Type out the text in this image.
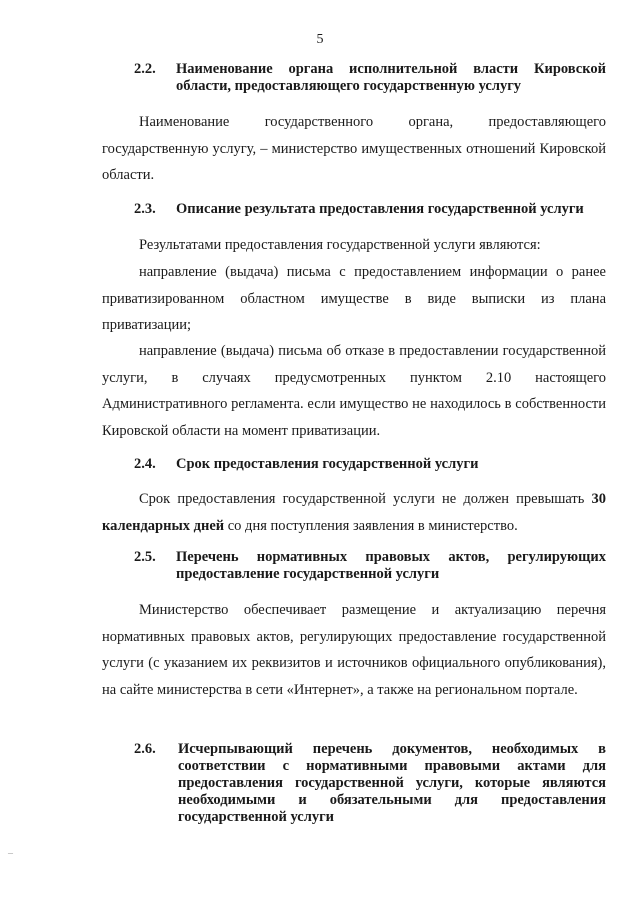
5
2.2. Наименование органа исполнительной власти Кировской области, предоставляющего государственную услугу
Наименование государственного органа, предоставляющего государственную услугу, – министерство имущественных отношений Кировской области.
2.3. Описание результата предоставления государственной услуги
Результатами предоставления государственной услуги являются:
направление (выдача) письма с предоставлением информации о ранее приватизированном областном имуществе в виде выписки из плана приватизации;
направление (выдача) письма об отказе в предоставлении государственной услуги, в случаях предусмотренных пунктом 2.10 настоящего Административного регламента. если имущество не находилось в собственности Кировской области на момент приватизации.
2.4. Срок предоставления государственной услуги
Срок предоставления государственной услуги не должен превышать 30 календарных дней со дня поступления заявления в министерство.
2.5. Перечень нормативных правовых актов, регулирующих предоставление государственной услуги
Министерство обеспечивает размещение и актуализацию перечня нормативных правовых актов, регулирующих предоставление государственной услуги (с указанием их реквизитов и источников официального опубликования), на сайте министерства в сети «Интернет», а также на региональном портале.
2.6. Исчерпывающий перечень документов, необходимых в соответствии с нормативными правовыми актами для предоставления государственной услуги, которые являются необходимыми и обязательными для предоставления государственной услуги
–
